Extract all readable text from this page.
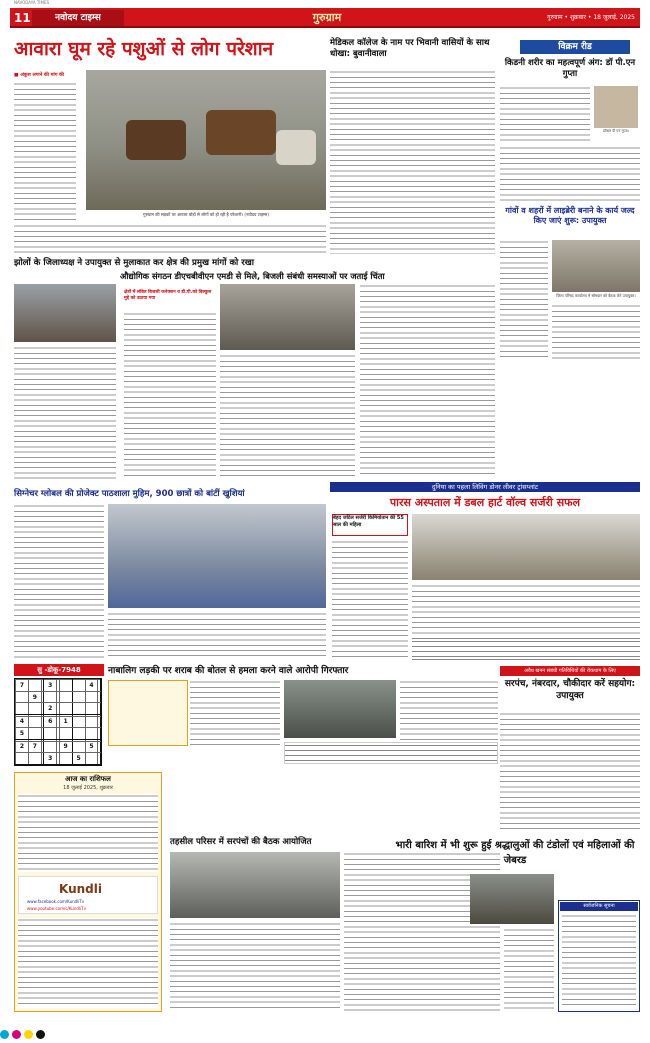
NAVODAYA TIMES
11	नवोदय टाइम्स	गुरुग्राम	गुरुग्राम • शुक्रवार • 18 जुलाई, 2025
आवारा घूम रहे पशुओं से लोग परेशान
■ अंकुश लगाने की मांग की
गुरुग्राम की सड़कों पर आवारा घोड़ों से लोगों को हो रही है परेशानी। (नवोदय टाइम्स)
मेडिकल कॉलेज के नाम पर भिवानी वासियों के साथ धोखा: बुवानीवाला
विक्रम रीड
किडनी शरीर का महत्वपूर्ण अंग: डॉ पी.एन गुप्ता
डॉक्टर पी एन गुप्ता।
गांवों व शहरों में लाइब्रेरी बनाने के कार्य जल्द किए जाएं शुरू: उपायुक्त
जिला परिषद कार्यालय में सोमवार को बैठक लेते उपायुक्त।
झोलों के जिलाध्यक्ष ने उपायुक्त से मुलाकात कर क्षेत्र की प्रमुख मांगों को रखा
औद्योगिक संगठन डीएचबीवीएन एमडी से मिले, बिजली संबंधी समस्याओं पर जताई चिंता
क्षेत्रों में लंबित बिजली कनेक्शन व डी.पी.को बिल्कुल मुद्दे को उठाया गया
दुनिया का पहला लिविंग डोनर लीवर ट्रांसप्लांट
सिग्नेचर ग्लोबल की प्रोजेक्ट पाठशाला मुहिम, 900 छात्रों को बांटीं खुशियां
पारस अस्पताल में डबल हार्ट वॉल्व सर्जरी सफल
बेहद जटिल सर्जरी किमियाेतान की 55 साल की महिला
सु -डोकू-7948
7			3				4	
	9							
			2					

4			6		1			
5								

2	7				9		5	
			3			5		
नाबालिग लड़की पर शराब की बोतल से हमला करने वाले आरोपी गिरफ्तार	अवैध खनन संबंधी गतिविधियों की रोकथाम के लिए
सरपंच, नंबरदार, चौकीदार करें सहयोग: उपायुक्त
आज का राशिफल
18 जुलाई 2025, शुक्रवार
Kundli
www.facebook.com/KundliTv
www.youtube.com/c/KundliTv
तहसील परिसर में सरपंचों की बैठक आयोजित	भारी बारिश में भी शुरू हुई श्रद्धालुओं की टंडोलों एवं महिलाओं की जेबरड
सार्वजनिक सूचना
